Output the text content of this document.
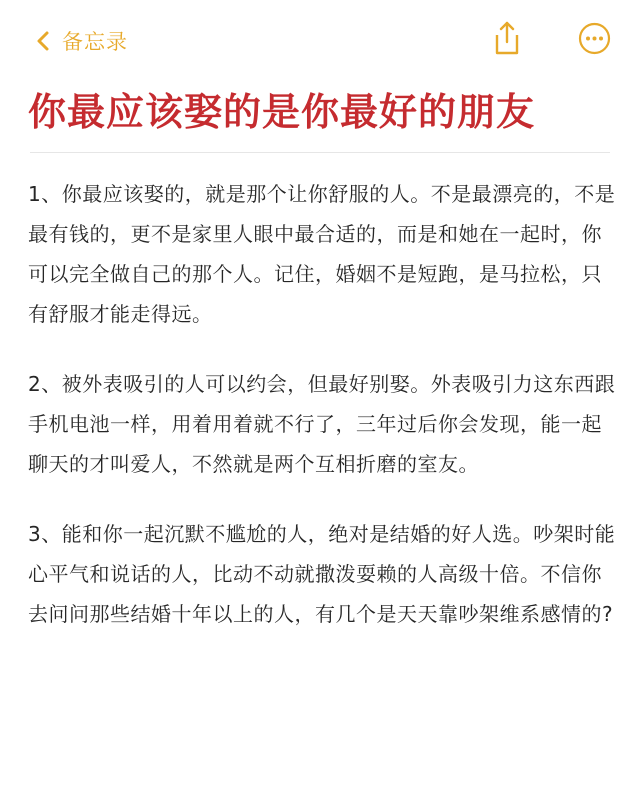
备忘录
你最应该娶的是你最好的朋友

1、你最应该娶的，就是那个让你舒服的人。不是最漂亮的，不是最有钱的，更不是家里人眼中最合适的，而是和她在一起时，你可以完全做自己的那个人。记住，婚姻不是短跑，是马拉松，只有舒服才能走得远。

2、被外表吸引的人可以约会，但最好别娶。外表吸引力这东西跟手机电池一样，用着用着就不行了，三年过后你会发现，能一起聊天的才叫爱人，不然就是两个互相折磨的室友。

3、能和你一起沉默不尴尬的人，绝对是结婚的好人选。吵架时能心平气和说话的人，比动不动就撒泼耍赖的人高级十倍。不信你去问问那些结婚十年以上的人，有几个是天天靠吵架维系感情的?
